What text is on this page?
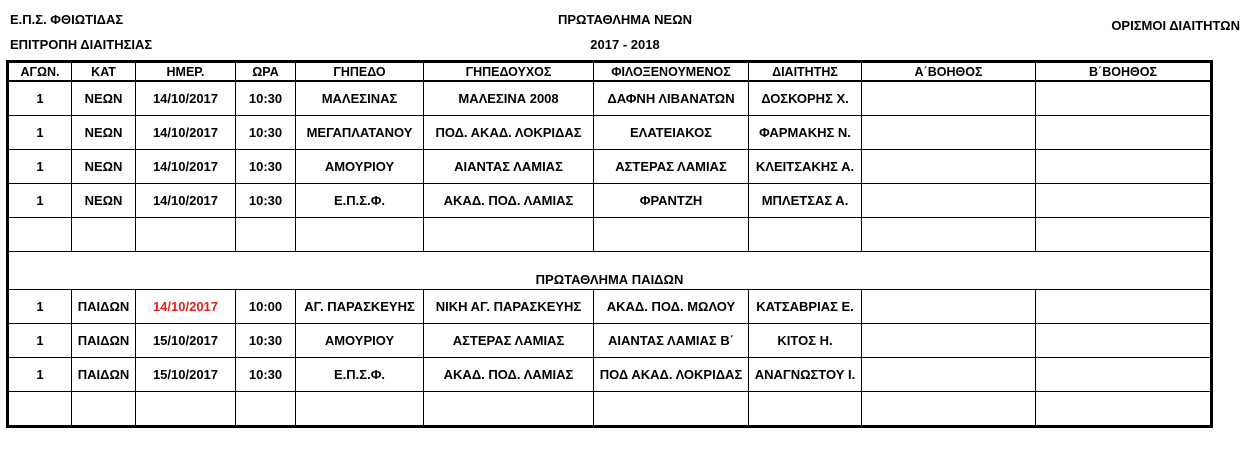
Ε.Π.Σ. ΦΘΙΩΤΙΔΑΣ
ΕΠΙΤΡΟΠΗ ΔΙΑΙΤΗΣΙΑΣ
ΠΡΩΤΑΘΛΗΜΑ ΝΕΩΝ
2017 - 2018
ΟΡΙΣΜΟΙ ΔΙΑΙΤΗΤΩΝ
ΑΓΩΝ.	ΚΑΤ	ΗΜΕΡ.	ΩΡΑ	ΓΗΠΕΔΟ	ΓΗΠΕΔΟΥΧΟΣ	ΦΙΛΟΞΕΝΟΥΜΕΝΟΣ	ΔΙΑΙΤΗΤΗΣ	Α΄ΒΟΗΘΟΣ	Β΄ΒΟΗΘΟΣ
1	ΝΕΩΝ	14/10/2017	10:30	ΜΑΛΕΣΙΝΑΣ	ΜΑΛΕΣΙΝΑ 2008	ΔΑΦΝΗ ΛΙΒΑΝΑΤΩΝ	ΔΟΣΚΟΡΗΣ Χ.		
1	ΝΕΩΝ	14/10/2017	10:30	ΜΕΓΑΠΛΑΤΑΝΟΥ	ΠΟΔ. ΑΚΑΔ. ΛΟΚΡΙΔΑΣ	ΕΛΑΤΕΙΑΚΟΣ	ΦΑΡΜΑΚΗΣ Ν.		
1	ΝΕΩΝ	14/10/2017	10:30	ΑΜΟΥΡΙΟΥ	ΑΙΑΝΤΑΣ ΛΑΜΙΑΣ	ΑΣΤΕΡΑΣ ΛΑΜΙΑΣ	ΚΛΕΙΤΣΑΚΗΣ Α.		
1	ΝΕΩΝ	14/10/2017	10:30	Ε.Π.Σ.Φ.	ΑΚΑΔ. ΠΟΔ. ΛΑΜΙΑΣ	ΦΡΑΝΤΖΗ	ΜΠΛΕΤΣΑΣ Α.		

ΠΡΩΤΑΘΛΗΜΑ ΠΑΙΔΩΝ									
1	ΠΑΙΔΩΝ	14/10/2017	10:00	ΑΓ. ΠΑΡΑΣΚΕΥΗΣ	ΝΙΚΗ ΑΓ. ΠΑΡΑΣΚΕΥΗΣ	ΑΚΑΔ. ΠΟΔ. ΜΩΛΟΥ	ΚΑΤΣΑΒΡΙΑΣ Ε.		
1	ΠΑΙΔΩΝ	15/10/2017	10:30	ΑΜΟΥΡΙΟΥ	ΑΣΤΕΡΑΣ ΛΑΜΙΑΣ	ΑΙΑΝΤΑΣ ΛΑΜΙΑΣ Β΄	ΚΙΤΟΣ Η.		
1	ΠΑΙΔΩΝ	15/10/2017	10:30	Ε.Π.Σ.Φ.	ΑΚΑΔ. ΠΟΔ. ΛΑΜΙΑΣ	ΠΟΔ ΑΚΑΔ. ΛΟΚΡΙΔΑΣ	ΑΝΑΓΝΩΣΤΟΥ Ι.		
